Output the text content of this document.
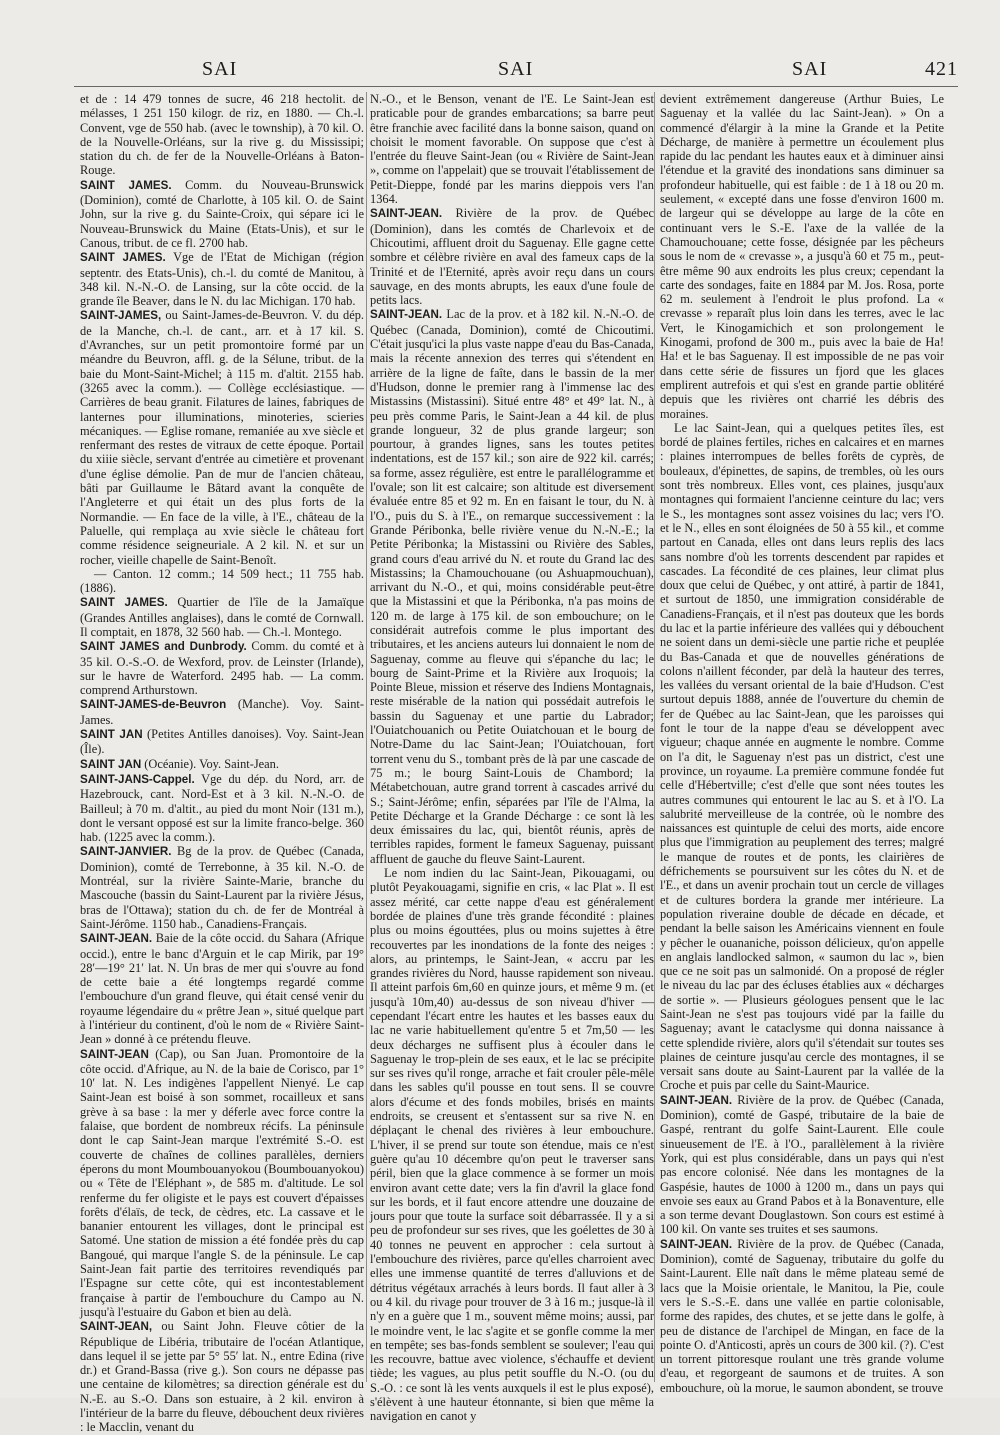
SAI	SAI	SAI	421

et de : 14 479 tonnes de sucre, 46 218 hectolit. de mélasses, 1 251 150 kilogr. de riz, en 1880. — Ch.-l. Convent, vge de 550 hab. (avec le township), à 70 kil. O. de la Nouvelle-Orléans, sur la rive g. du Mississipi; station du ch. de fer de la Nouvelle-Orléans à Baton-Rouge.

SAINT JAMES. Comm. du Nouveau-Brunswick (Dominion), comté de Charlotte, à 105 kil. O. de Saint John, sur la rive g. du Sainte-Croix, qui sépare ici le Nouveau-Brunswick du Maine (Etats-Unis), et sur le Canous, tribut. de ce fl. 2700 hab.

SAINT JAMES. Vge de l'Etat de Michigan (région septentr. des Etats-Unis), ch.-l. du comté de Manitou, à 348 kil. N.-N.-O. de Lansing, sur la côte occid. de la grande île Beaver, dans le N. du lac Michigan. 170 hab.

SAINT-JAMES, ou Saint-James-de-Beuvron. V. du dép. de la Manche, ch.-l. de cant., arr. et à 17 kil. S. d'Avranches, sur un petit promontoire formé par un méandre du Beuvron, affl. g. de la Sélune, tribut. de la baie du Mont-Saint-Michel; à 115 m. d'altit. 2155 hab. (3265 avec la comm.). — Collège ecclésiastique. — Carrières de beau granit. Filatures de laines, fabriques de lanternes pour illuminations, minoteries, scieries mécaniques. — Eglise romane, remaniée au xve siècle et renfermant des restes de vitraux de cette époque. Portail du xiiie siècle, servant d'entrée au cimetière et provenant d'une église démolie. Pan de mur de l'ancien château, bâti par Guillaume le Bâtard avant la conquête de l'Angleterre et qui était un des plus forts de la Normandie. — En face de la ville, à l'E., château de la Paluelle, qui remplaça au xvie siècle le château fort comme résidence seigneuriale. A 2 kil. N. et sur un rocher, vieille chapelle de Saint-Benoît.

— Canton. 12 comm.; 14 509 hect.; 11 755 hab. (1886).

SAINT JAMES. Quartier de l'île de la Jamaïque (Grandes Antilles anglaises), dans le comté de Cornwall. Il comptait, en 1878, 32 560 hab. — Ch.-l. Montego.

SAINT JAMES and Dunbrody. Comm. du comté et à 35 kil. O.-S.-O. de Wexford, prov. de Leinster (Irlande), sur le havre de Waterford. 2495 hab. — La comm. comprend Arthurstown.

SAINT-JAMES-de-Beuvron (Manche). Voy. Saint-James.

SAINT JAN (Petites Antilles danoises). Voy. Saint-Jean (Île).

SAINT JAN (Océanie). Voy. Saint-Jean.

SAINT-JANS-Cappel. Vge du dép. du Nord, arr. de Hazebrouck, cant. Nord-Est et à 3 kil. N.-N.-O. de Bailleul; à 70 m. d'altit., au pied du mont Noir (131 m.), dont le versant opposé est sur la limite franco-belge. 360 hab. (1225 avec la comm.).

SAINT-JANVIER. Bg de la prov. de Québec (Canada, Dominion), comté de Terrebonne, à 35 kil. N.-O. de Montréal, sur la rivière Sainte-Marie, branche du Mascouche (bassin du Saint-Laurent par la rivière Jésus, bras de l'Ottawa); station du ch. de fer de Montréal à Saint-Jérôme. 1150 hab., Canadiens-Français.

SAINT-JEAN. Baie de la côte occid. du Sahara (Afrique occid.), entre le banc d'Arguin et le cap Mirik, par 19° 28′—19° 21′ lat. N. Un bras de mer qui s'ouvre au fond de cette baie a été longtemps regardé comme l'embouchure d'un grand fleuve, qui était censé venir du royaume légendaire du « prêtre Jean », situé quelque part à l'intérieur du continent, d'où le nom de « Rivière Saint-Jean » donné à ce prétendu fleuve.

SAINT-JEAN (Cap), ou San Juan. Promontoire de la côte occid. d'Afrique, au N. de la baie de Corisco, par 1° 10′ lat. N. Les indigènes l'appellent Nienyé. Le cap Saint-Jean est boisé à son sommet, rocailleux et sans grève à sa base : la mer y déferle avec force contre la falaise, que bordent de nombreux récifs. La péninsule dont le cap Saint-Jean marque l'extrémité S.-O. est couverte de chaînes de collines parallèles, derniers éperons du mont Moumbouanyokou (Boumbouanyokou) ou « Tête de l'Eléphant », de 585 m. d'altitude. Le sol renferme du fer oligiste et le pays est couvert d'épaisses forêts d'élaïs, de teck, de cèdres, etc. La cassave et le bananier entourent les villages, dont le principal est Satomé. Une station de mission a été fondée près du cap Bangoué, qui marque l'angle S. de la péninsule. Le cap Saint-Jean fait partie des territoires revendiqués par l'Espagne sur cette côte, qui est incontestablement française à partir de l'embouchure du Campo au N. jusqu'à l'estuaire du Gabon et bien au delà.

SAINT-JEAN, ou Saint John. Fleuve côtier de la République de Libéria, tributaire de l'océan Atlantique, dans lequel il se jette par 5° 55′ lat. N., entre Edina (rive dr.) et Grand-Bassa (rive g.). Son cours ne dépasse pas une centaine de kilomètres; sa direction générale est du N.-E. au S.-O. Dans son estuaire, à 2 kil. environ à l'intérieur de la barre du fleuve, débouchent deux rivières : le Macclin, venant du

N.-O., et le Benson, venant de l'E. Le Saint-Jean est praticable pour de grandes embarcations; sa barre peut être franchie avec facilité dans la bonne saison, quand on choisit le moment favorable. On suppose que c'est à l'entrée du fleuve Saint-Jean (ou « Rivière de Saint-Jean », comme on l'appelait) que se trouvait l'établissement de Petit-Dieppe, fondé par les marins dieppois vers l'an 1364.

SAINT-JEAN. Rivière de la prov. de Québec (Dominion), dans les comtés de Charlevoix et de Chicoutimi, affluent droit du Saguenay. Elle gagne cette sombre et célèbre rivière en aval des fameux caps de la Trinité et de l'Eternité, après avoir reçu dans un cours sauvage, en des monts abrupts, les eaux d'une foule de petits lacs.

SAINT-JEAN. Lac de la prov. et à 182 kil. N.-N.-O. de Québec (Canada, Dominion), comté de Chicoutimi. C'était jusqu'ici la plus vaste nappe d'eau du Bas-Canada, mais la récente annexion des terres qui s'étendent en arrière de la ligne de faîte, dans le bassin de la mer d'Hudson, donne le premier rang à l'immense lac des Mistassins (Mistassini). Situé entre 48° et 49° lat. N., à peu près comme Paris, le Saint-Jean a 44 kil. de plus grande longueur, 32 de plus grande largeur; son pourtour, à grandes lignes, sans les toutes petites indentations, est de 157 kil.; son aire de 922 kil. carrés; sa forme, assez régulière, est entre le parallélogramme et l'ovale; son lit est calcaire; son altitude est diversement évaluée entre 85 et 92 m. En en faisant le tour, du N. à l'O., puis du S. à l'E., on remarque successivement : la Grande Péribonka, belle rivière venue du N.-N.-E.; la Petite Péribonka; la Mistassini ou Rivière des Sables, grand cours d'eau arrivé du N. et route du Grand lac des Mistassins; la Chamouchouane (ou Ashuapmouchuan), arrivant du N.-O., et qui, moins considérable peut-être que la Mistassini et que la Péribonka, n'a pas moins de 120 m. de large à 175 kil. de son embouchure; on le considérait autrefois comme le plus important des tributaires, et les anciens auteurs lui donnaient le nom de Saguenay, comme au fleuve qui s'épanche du lac; le bourg de Saint-Prime et la Rivière aux Iroquois; la Pointe Bleue, mission et réserve des Indiens Montagnais, reste misérable de la nation qui possédait autrefois le bassin du Saguenay et une partie du Labrador; l'Ouiatchouanich ou Petite Ouiatchouan et le bourg de Notre-Dame du lac Saint-Jean; l'Ouiatchouan, fort torrent venu du S., tombant près de là par une cascade de 75 m.; le bourg Saint-Louis de Chambord; la Métabetchouan, autre grand torrent à cascades arrivé du S.; Saint-Jérôme; enfin, séparées par l'île de l'Alma, la Petite Décharge et la Grande Décharge : ce sont là les deux émissaires du lac, qui, bientôt réunis, après de terribles rapides, forment le fameux Saguenay, puissant affluent de gauche du fleuve Saint-Laurent.

Le nom indien du lac Saint-Jean, Pikouagami, ou plutôt Peyakouagami, signifie en cris, « lac Plat ». Il est assez mérité, car cette nappe d'eau est généralement bordée de plaines d'une très grande fécondité : plaines plus ou moins égouttées, plus ou moins sujettes à être recouvertes par les inondations de la fonte des neiges : alors, au printemps, le Saint-Jean, « accru par les grandes rivières du Nord, hausse rapidement son niveau. Il atteint parfois 6m,60 en quinze jours, et même 9 m. (et jusqu'à 10m,40) au-dessus de son niveau d'hiver — cependant l'écart entre les hautes et les basses eaux du lac ne varie habituellement qu'entre 5 et 7m,50 — les deux décharges ne suffisent plus à écouler dans le Saguenay le trop-plein de ses eaux, et le lac se précipite sur ses rives qu'il ronge, arrache et fait crouler pêle-mêle dans les sables qu'il pousse en tout sens. Il se couvre alors d'écume et des fonds mobiles, brisés en maints endroits, se creusent et s'entassent sur sa rive N. en déplaçant le chenal des rivières à leur embouchure. L'hiver, il se prend sur toute son étendue, mais ce n'est guère qu'au 10 décembre qu'on peut le traverser sans péril, bien que la glace commence à se former un mois environ avant cette date; vers la fin d'avril la glace fond sur les bords, et il faut encore attendre une douzaine de jours pour que toute la surface soit débarrassée. Il y a si peu de profondeur sur ses rives, que les goélettes de 30 à 40 tonnes ne peuvent en approcher : cela surtout à l'embouchure des rivières, parce qu'elles charroient avec elles une immense quantité de terres d'alluvions et de détritus végétaux arrachés à leurs bords. Il faut aller à 3 ou 4 kil. du rivage pour trouver de 3 à 16 m.; jusque-là il n'y en a guère que 1 m., souvent même moins; aussi, par le moindre vent, le lac s'agite et se gonfle comme la mer en tempête; ses bas-fonds semblent se soulever; l'eau qui les recouvre, battue avec violence, s'échauffe et devient tiède; les vagues, au plus petit souffle du N.-O. (ou du S.-O. : ce sont là les vents auxquels il est le plus exposé), s'élèvent à une hauteur étonnante, si bien que même la navigation en canot y

devient extrêmement dangereuse (Arthur Buies, Le Saguenay et la vallée du lac Saint-Jean). » On a commencé d'élargir à la mine la Grande et la Petite Décharge, de manière à permettre un écoulement plus rapide du lac pendant les hautes eaux et à diminuer ainsi l'étendue et la gravité des inondations sans diminuer sa profondeur habituelle, qui est faible : de 1 à 18 ou 20 m. seulement, « excepté dans une fosse d'environ 1600 m. de largeur qui se développe au large de la côte en continuant vers le S.-E. l'axe de la vallée de la Chamouchouane; cette fosse, désignée par les pêcheurs sous le nom de « crevasse », a jusqu'à 60 et 75 m., peut-être même 90 aux endroits les plus creux; cependant la carte des sondages, faite en 1884 par M. Jos. Rosa, porte 62 m. seulement à l'endroit le plus profond. La « crevasse » reparaît plus loin dans les terres, avec le lac Vert, le Kinogamichich et son prolongement le Kinogami, profond de 300 m., puis avec la baie de Ha! Ha! et le bas Saguenay. Il est impossible de ne pas voir dans cette série de fissures un fjord que les glaces emplirent autrefois et qui s'est en grande partie oblitéré depuis que les rivières ont charrié les débris des moraines.

Le lac Saint-Jean, qui a quelques petites îles, est bordé de plaines fertiles, riches en calcaires et en marnes : plaines interrompues de belles forêts de cyprès, de bouleaux, d'épinettes, de sapins, de trembles, où les ours sont très nombreux. Elles vont, ces plaines, jusqu'aux montagnes qui formaient l'ancienne ceinture du lac; vers le S., les montagnes sont assez voisines du lac; vers l'O. et le N., elles en sont éloignées de 50 à 55 kil., et comme partout en Canada, elles ont dans leurs replis des lacs sans nombre d'où les torrents descendent par rapides et cascades. La fécondité de ces plaines, leur climat plus doux que celui de Québec, y ont attiré, à partir de 1841, et surtout de 1850, une immigration considérable de Canadiens-Français, et il n'est pas douteux que les bords du lac et la partie inférieure des vallées qui y débouchent ne soient dans un demi-siècle une partie riche et peuplée du Bas-Canada et que de nouvelles générations de colons n'aillent féconder, par delà la hauteur des terres, les vallées du versant oriental de la baie d'Hudson. C'est surtout depuis 1888, année de l'ouverture du chemin de fer de Québec au lac Saint-Jean, que les paroisses qui font le tour de la nappe d'eau se développent avec vigueur; chaque année en augmente le nombre. Comme on l'a dit, le Saguenay n'est pas un district, c'est une province, un royaume. La première commune fondée fut celle d'Hébertville; c'est d'elle que sont nées toutes les autres communes qui entourent le lac au S. et à l'O. La salubrité merveilleuse de la contrée, où le nombre des naissances est quintuple de celui des morts, aide encore plus que l'immigration au peuplement des terres; malgré le manque de routes et de ponts, les clairières de défrichements se poursuivent sur les côtes du N. et de l'E., et dans un avenir prochain tout un cercle de villages et de cultures bordera la grande mer intérieure. La population riveraine double de décade en décade, et pendant la belle saison les Américains viennent en foule y pêcher le ouananiche, poisson délicieux, qu'on appelle en anglais landlocked salmon, « saumon du lac », bien que ce ne soit pas un salmonidé. On a proposé de régler le niveau du lac par des écluses établies aux « décharges de sortie ». — Plusieurs géologues pensent que le lac Saint-Jean ne s'est pas toujours vidé par la faille du Saguenay; avant le cataclysme qui donna naissance à cette splendide rivière, alors qu'il s'étendait sur toutes ses plaines de ceinture jusqu'au cercle des montagnes, il se versait sans doute au Saint-Laurent par la vallée de la Croche et puis par celle du Saint-Maurice.

SAINT-JEAN. Rivière de la prov. de Québec (Canada, Dominion), comté de Gaspé, tributaire de la baie de Gaspé, rentrant du golfe Saint-Laurent. Elle coule sinueusement de l'E. à l'O., parallèlement à la rivière York, qui est plus considérable, dans un pays qui n'est pas encore colonisé. Née dans les montagnes de la Gaspésie, hautes de 1000 à 1200 m., dans un pays qui envoie ses eaux au Grand Pabos et à la Bonaventure, elle a son terme devant Douglastown. Son cours est estimé à 100 kil. On vante ses truites et ses saumons.

SAINT-JEAN. Rivière de la prov. de Québec (Canada, Dominion), comté de Saguenay, tributaire du golfe du Saint-Laurent. Elle naît dans le même plateau semé de lacs que la Moisie orientale, le Manitou, la Pie, coule vers le S.-S.-E. dans une vallée en partie colonisable, forme des rapides, des chutes, et se jette dans le golfe, à peu de distance de l'archipel de Mingan, en face de la pointe O. d'Anticosti, après un cours de 300 kil. (?). C'est un torrent pittoresque roulant une très grande volume d'eau, et regorgeant de saumons et de truites. A son embouchure, où la morue, le saumon abondent, se trouve
